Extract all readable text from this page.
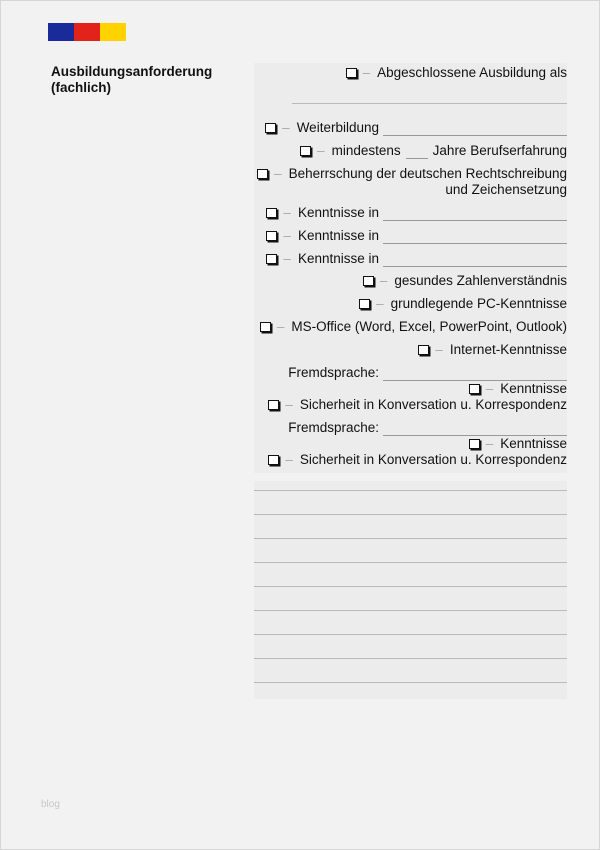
Ausbildungsanforderung
(fachlich)
– Abgeschlossene Ausbildung als
– Weiterbildung
– mindestens Jahre Berufserfahrung
– Beherrschung der deutschen Rechtschreibung
und Zeichensetzung
– Kenntnisse in
– Kenntnisse in
– Kenntnisse in
– gesundes Zahlenverständnis
– grundlegende PC-Kenntnisse
– MS-Office (Word, Excel, PowerPoint, Outlook)
– Internet-Kenntnisse
Fremdsprache:
– Kenntnisse
– Sicherheit in Konversation u. Korrespondenz
Fremdsprache:
– Kenntnisse
– Sicherheit in Konversation u. Korrespondenz
blog
